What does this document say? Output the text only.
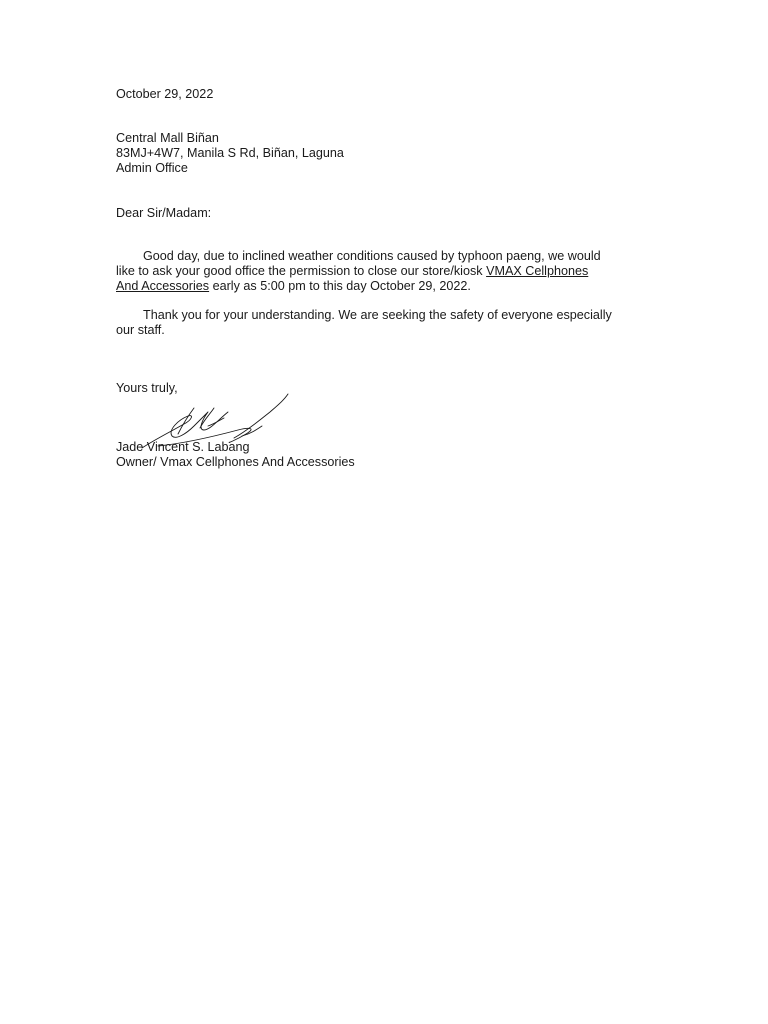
October 29, 2022
Central Mall Biñan
83MJ+4W7, Manila S Rd, Biñan, Laguna
Admin Office
Dear Sir/Madam:
Good day, due to inclined weather conditions caused by typhoon paeng, we would
like to ask your good office the permission to close our store/kiosk VMAX Cellphones
And Accessories early as 5:00 pm to this day October 29, 2022.
Thank you for your understanding. We are seeking the safety of everyone especially
our staff.
Yours truly,
Jade Vincent S. Labang
Owner/ Vmax Cellphones And Accessories
